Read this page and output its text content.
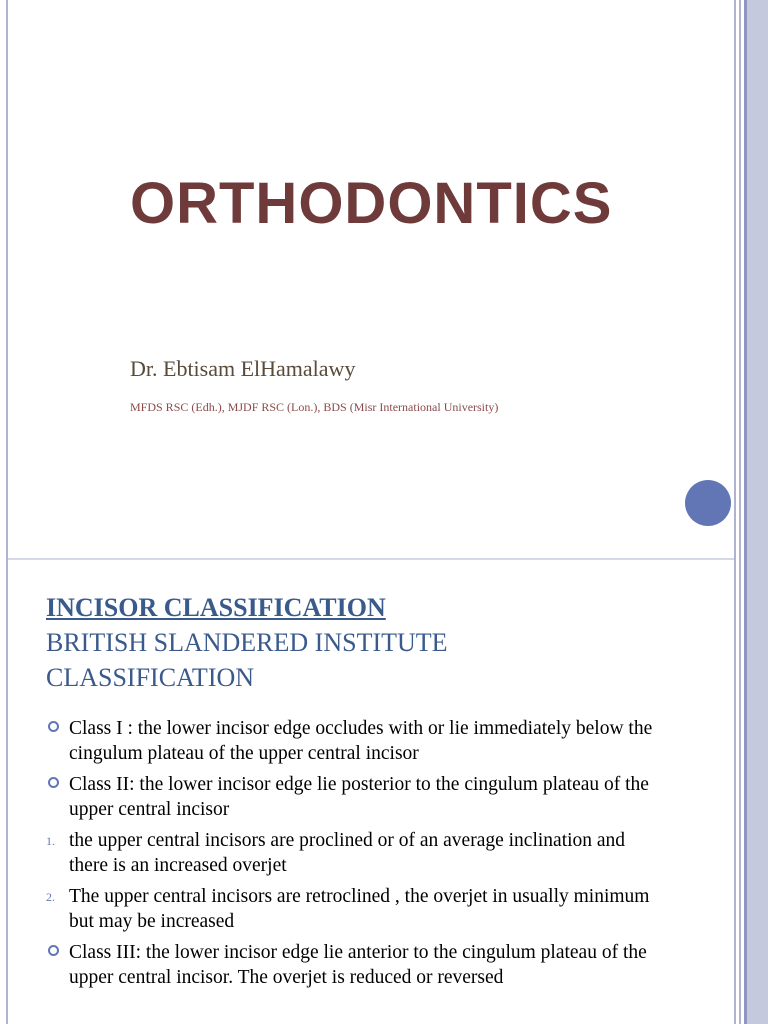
ORTHODONTICS
Dr. Ebtisam ElHamalawy
MFDS RSC (Edh.), MJDF RSC (Lon.), BDS (Misr International University)
INCISOR CLASSIFICATION
BRITISH SLANDERED INSTITUTE
CLASSIFICATION
Class I : the lower incisor edge occludes with or lie immediately below the cingulum plateau of the upper central incisor
Class II: the lower incisor edge lie posterior to the cingulum plateau of the upper central incisor
1. the upper central incisors are proclined or of an average inclination and there is an increased overjet
2. The upper central incisors are retroclined , the overjet in usually minimum but may be increased
Class III: the lower incisor edge lie anterior to the cingulum plateau of the upper central incisor. The overjet is reduced or reversed
